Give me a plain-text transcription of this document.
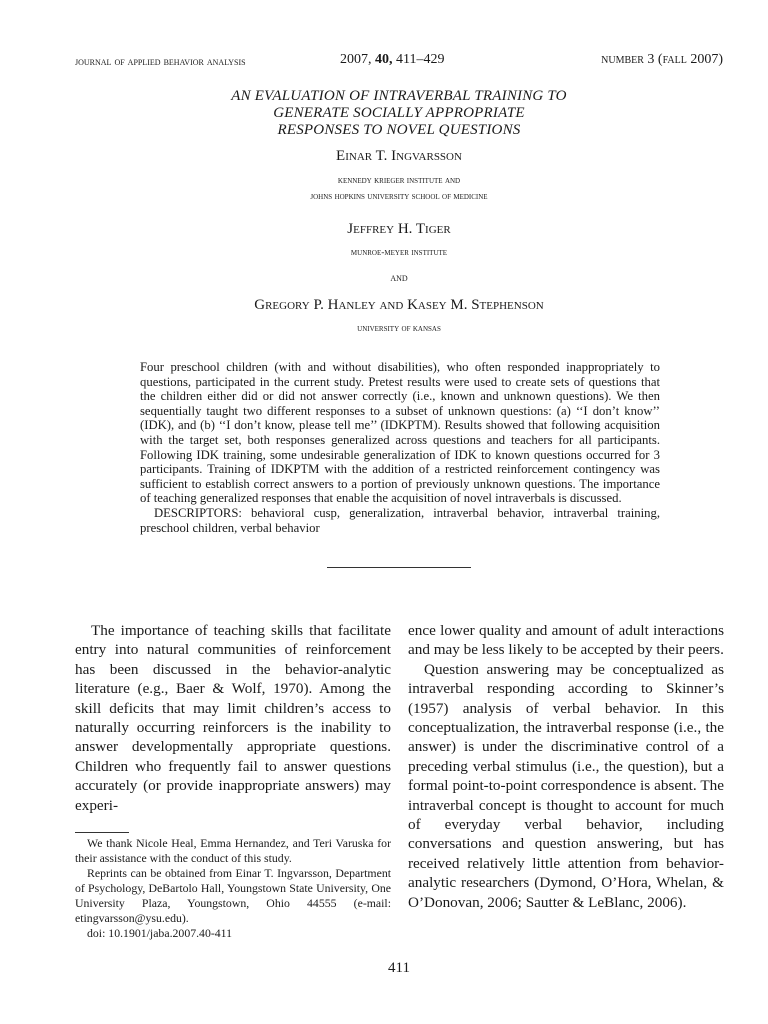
journal of applied behavior analysis	2007, 40, 411–429	number 3 (fall 2007)
AN EVALUATION OF INTRAVERBAL TRAINING TO
GENERATE SOCIALLY APPROPRIATE
RESPONSES TO NOVEL QUESTIONS
Einar T. Ingvarsson
kennedy krieger institute and
johns hopkins university school of medicine
Jeffrey H. Tiger
munroe-meyer institute
and
Gregory P. Hanley and Kasey M. Stephenson
university of kansas

Four preschool children (with and without disabilities), who often responded inappropriately to questions, participated in the current study. Pretest results were used to create sets of questions that the children either did or did not answer correctly (i.e., known and unknown questions). We then sequentially taught two different responses to a subset of unknown questions: (a) ‘‘I don’t know’’ (IDK), and (b) ‘‘I don’t know, please tell me’’ (IDKPTM). Results showed that following acquisition with the target set, both responses generalized across questions and teachers for all participants. Following IDK training, some undesirable generalization of IDK to known questions occurred for 3 participants. Training of IDKPTM with the addition of a restricted reinforcement contingency was sufficient to establish correct answers to a portion of previously unknown questions. The importance of teaching generalized responses that enable the acquisition of novel intraverbals is discussed.

DESCRIPTORS: behavioral cusp, generalization, intraverbal behavior, intraverbal training, preschool children, verbal behavior

The importance of teaching skills that facilitate entry into natural communities of reinforcement has been discussed in the behavior-analytic literature (e.g., Baer & Wolf, 1970). Among the skill deficits that may limit children’s access to naturally occurring reinforcers is the inability to answer developmentally appropriate questions. Children who frequently fail to answer questions accurately (or provide inappropriate answers) may experi-

ence lower quality and amount of adult interactions and may be less likely to be accepted by their peers.

Question answering may be conceptualized as intraverbal responding according to Skinner’s (1957) analysis of verbal behavior. In this conceptualization, the intraverbal response (i.e., the answer) is under the discriminative control of a preceding verbal stimulus (i.e., the question), but a formal point-to-point correspondence is absent. The intraverbal concept is thought to account for much of everyday verbal behavior, including conversations and question answering, but has received relatively little attention from behavior-analytic researchers (Dymond, O’Hora, Whelan, & O’Donovan, 2006; Sautter & LeBlanc, 2006).

We thank Nicole Heal, Emma Hernandez, and Teri Varuska for their assistance with the conduct of this study.

Reprints can be obtained from Einar T. Ingvarsson, Department of Psychology, DeBartolo Hall, Youngstown State University, One University Plaza, Youngstown, Ohio 44555 (e-mail: etingvarsson@ysu.edu).

doi: 10.1901/jaba.2007.40-411

411
